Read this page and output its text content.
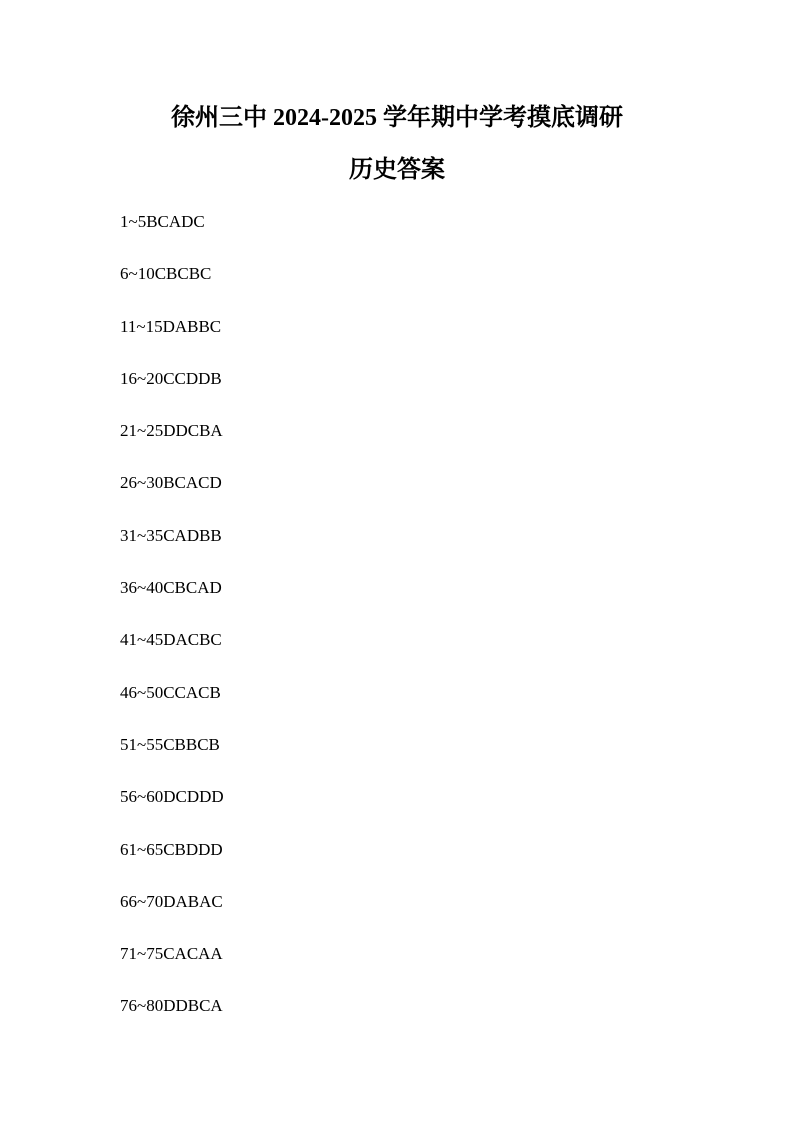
徐州三中 2024-2025 学年期中学考摸底调研
历史答案
1~5BCADC
6~10CBCBC
11~15DABBC
16~20CCDDB
21~25DDCBA
26~30BCACD
31~35CADBB
36~40CBCAD
41~45DACBC
46~50CCACB
51~55CBBCB
56~60DCDDD
61~65CBDDD
66~70DABAC
71~75CACAA
76~80DDBCA
